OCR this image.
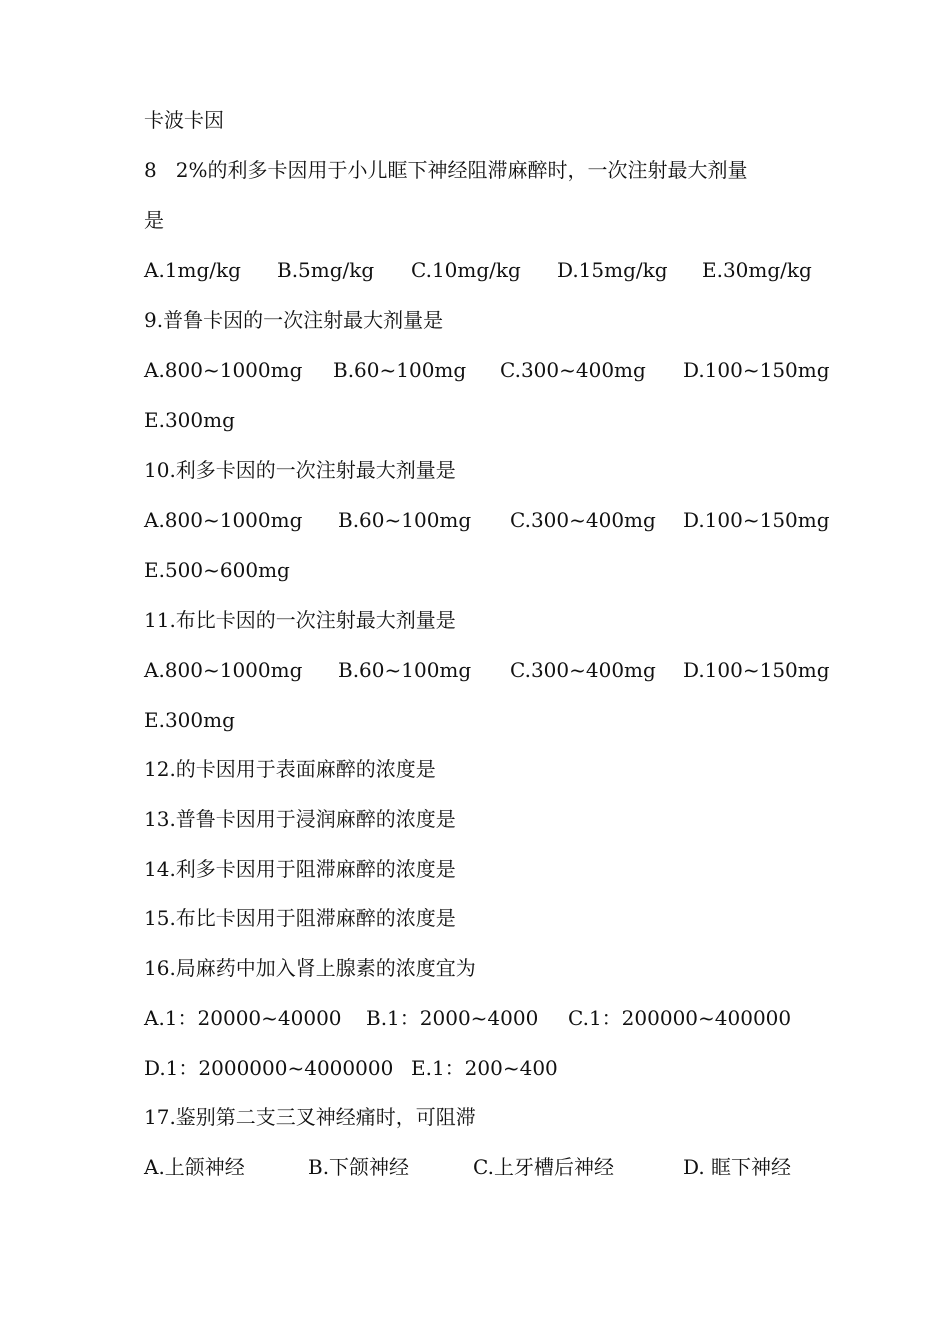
卡波卡因
8   2%的利多卡因用于小儿眶下神经阻滞麻醉时，一次注射最大剂量
是
A.1mg/kg B.5mg/kg C.10mg/kg D.15mg/kg E.30mg/kg
9.普鲁卡因的一次注射最大剂量是
A.800~1000mg B.60~100mg C.300~400mg D.100~150mg
E.300mg
10.利多卡因的一次注射最大剂量是
A.800~1000mg B.60~100mg C.300~400mg D.100~150mg
E.500~600mg
11.布比卡因的一次注射最大剂量是
A.800~1000mg B.60~100mg C.300~400mg D.100~150mg
E.300mg
12.的卡因用于表面麻醉的浓度是
13.普鲁卡因用于浸润麻醉的浓度是
14.利多卡因用于阻滞麻醉的浓度是
15.布比卡因用于阻滞麻醉的浓度是
16.局麻药中加入肾上腺素的浓度宜为
A.1：20000~40000 B.1：2000~4000 C.1：200000~400000
D.1：2000000~4000000 E.1：200~400
17.鉴别第二支三叉神经痛时，可阻滞
A.上颌神经	B.下颌神经	C.上牙槽后神经	D. 眶下神经
